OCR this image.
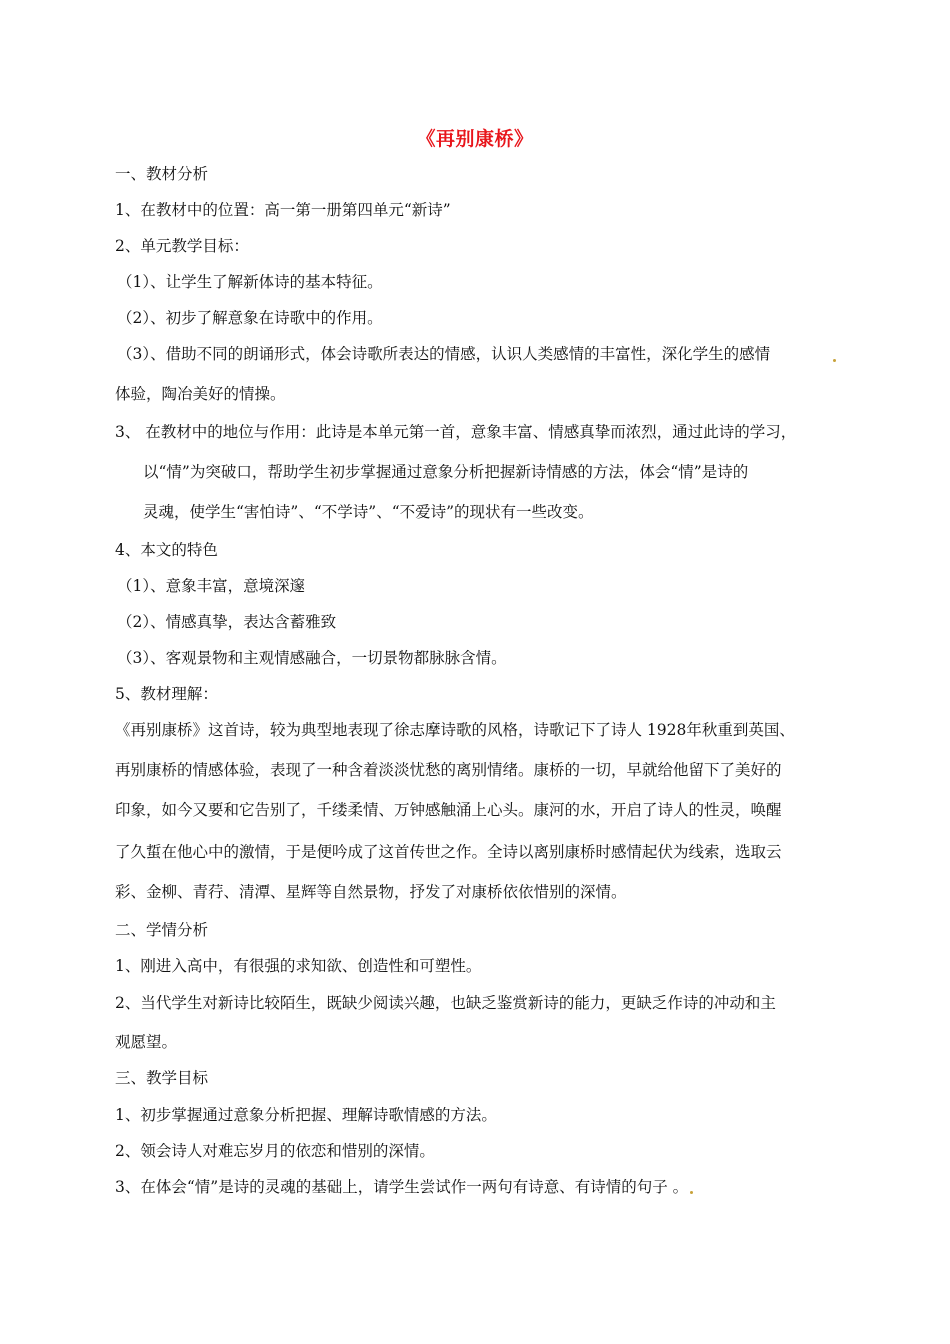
《再别康桥》
一、教材分析
1、在教材中的位置：高一第一册第四单元“新诗”
2、单元教学目标：
（1）、让学生了解新体诗的基本特征。
（2）、初步了解意象在诗歌中的作用。
（3）、借助不同的朗诵形式，体会诗歌所表达的情感，认识人类感情的丰富性，深化学生的感情
体验，陶冶美好的情操。
3、 在教材中的地位与作用：此诗是本单元第一首，意象丰富、情感真挚而浓烈，通过此诗的学习，
以“情”为突破口，帮助学生初步掌握通过意象分析把握新诗情感的方法，体会“情”是诗的
灵魂，使学生“害怕诗”、“不学诗”、“不爱诗”的现状有一些改变。
4、本文的特色
（1）、意象丰富，意境深邃
（2）、情感真挚，表达含蓄雅致
（3）、客观景物和主观情感融合，一切景物都脉脉含情。
5、教材理解：
《再别康桥》这首诗，较为典型地表现了徐志摩诗歌的风格，诗歌记下了诗人 1928年秋重到英国、
再别康桥的情感体验，表现了一种含着淡淡忧愁的离别情绪。康桥的一切，早就给他留下了美好的
印象，如今又要和它告别了，千缕柔情、万钟感触涌上心头。康河的水，开启了诗人的性灵，唤醒
了久蜇在他心中的激情，于是便吟成了这首传世之作。全诗以离别康桥时感情起伏为线索，选取云
彩、金柳、青荇、清潭、星辉等自然景物，抒发了对康桥依依惜别的深情。
二、学情分析
1、刚进入高中，有很强的求知欲、创造性和可塑性。
2、当代学生对新诗比较陌生，既缺少阅读兴趣，也缺乏鉴赏新诗的能力，更缺乏作诗的冲动和主
观愿望。
三、教学目标
1、初步掌握通过意象分析把握、理解诗歌情感的方法。
2、领会诗人对难忘岁月的依恋和惜别的深情。
3、在体会“情”是诗的灵魂的基础上，请学生尝试作一两句有诗意、有诗情的句子 。
